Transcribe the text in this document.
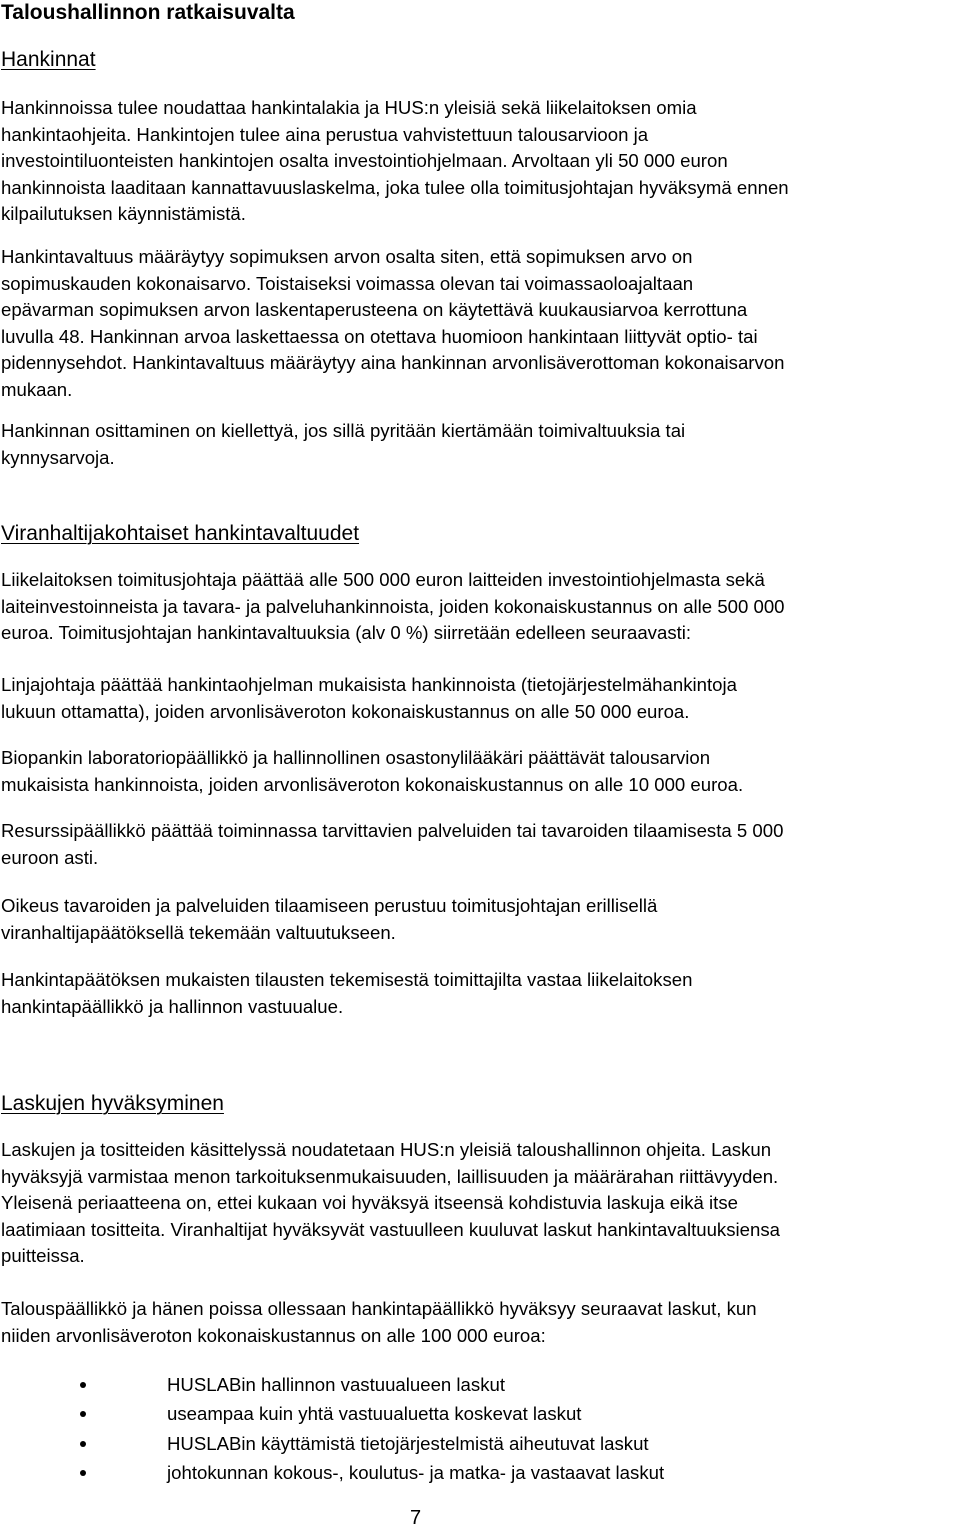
Taloushallinnon ratkaisuvalta
Hankinnat

Hankinnoissa tulee noudattaa hankintalakia ja HUS:n yleisiä sekä liikelaitoksen omia
hankintaohjeita. Hankintojen tulee aina perustua vahvistettuun talousarvioon ja
investointiluonteisten hankintojen osalta investointiohjelmaan. Arvoltaan yli 50 000 euron
hankinnoista laaditaan kannattavuuslaskelma, joka tulee olla toimitusjohtajan hyväksymä ennen
kilpailutuksen käynnistämistä.

Hankintavaltuus määräytyy sopimuksen arvon osalta siten, että sopimuksen arvo on
sopimuskauden kokonaisarvo. Toistaiseksi voimassa olevan tai voimassaoloajaltaan
epävarman sopimuksen arvon laskentaperusteena on käytettävä kuukausiarvoa kerrottuna
luvulla 48. Hankinnan arvoa laskettaessa on otettava huomioon hankintaan liittyvät optio- tai
pidennysehdot. Hankintavaltuus määräytyy aina hankinnan arvonlisäverottoman kokonaisarvon
mukaan.

Hankinnan osittaminen on kiellettyä, jos sillä pyritään kiertämään toimivaltuuksia tai
kynnysarvoja.

Viranhaltijakohtaiset hankintavaltuudet

Liikelaitoksen toimitusjohtaja päättää alle 500 000 euron laitteiden investointiohjelmasta sekä
laiteinvestoinneista ja tavara- ja palveluhankinnoista, joiden kokonaiskustannus on alle 500 000
euroa. Toimitusjohtajan hankintavaltuuksia (alv 0 %) siirretään edelleen seuraavasti:

Linjajohtaja päättää hankintaohjelman mukaisista hankinnoista (tietojärjestelmähankintoja
lukuun ottamatta), joiden arvonlisäveroton kokonaiskustannus on alle 50 000 euroa.

Biopankin laboratoriopäällikkö ja hallinnollinen osastonylilääkäri päättävät talousarvion
mukaisista hankinnoista, joiden arvonlisäveroton kokonaiskustannus on alle 10 000 euroa.

Resurssipäällikkö päättää toiminnassa tarvittavien palveluiden tai tavaroiden tilaamisesta 5 000
euroon asti.

Oikeus tavaroiden ja palveluiden tilaamiseen perustuu toimitusjohtajan erillisellä
viranhaltijapäätöksellä tekemään valtuutukseen.

Hankintapäätöksen mukaisten tilausten tekemisestä toimittajilta vastaa liikelaitoksen
hankintapäällikkö ja hallinnon vastuualue.

Laskujen hyväksyminen

Laskujen ja tositteiden käsittelyssä noudatetaan HUS:n yleisiä taloushallinnon ohjeita. Laskun
hyväksyjä varmistaa menon tarkoituksenmukaisuuden, laillisuuden ja määrärahan riittävyyden.
Yleisenä periaatteena on, ettei kukaan voi hyväksyä itseensä kohdistuvia laskuja eikä itse
laatimiaan tositteita. Viranhaltijat hyväksyvät vastuulleen kuuluvat laskut hankintavaltuuksiensa
puitteissa.

Talouspäällikkö ja hänen poissa ollessaan hankintapäällikkö hyväksyy seuraavat laskut, kun
niiden arvonlisäveroton kokonaiskustannus on alle 100 000 euroa:

HUSLABin hallinnon vastuualueen laskut
useampaa kuin yhtä vastuualuetta koskevat laskut
HUSLABin käyttämistä tietojärjestelmistä aiheutuvat laskut
johtokunnan kokous-, koulutus- ja matka- ja vastaavat laskut
7
